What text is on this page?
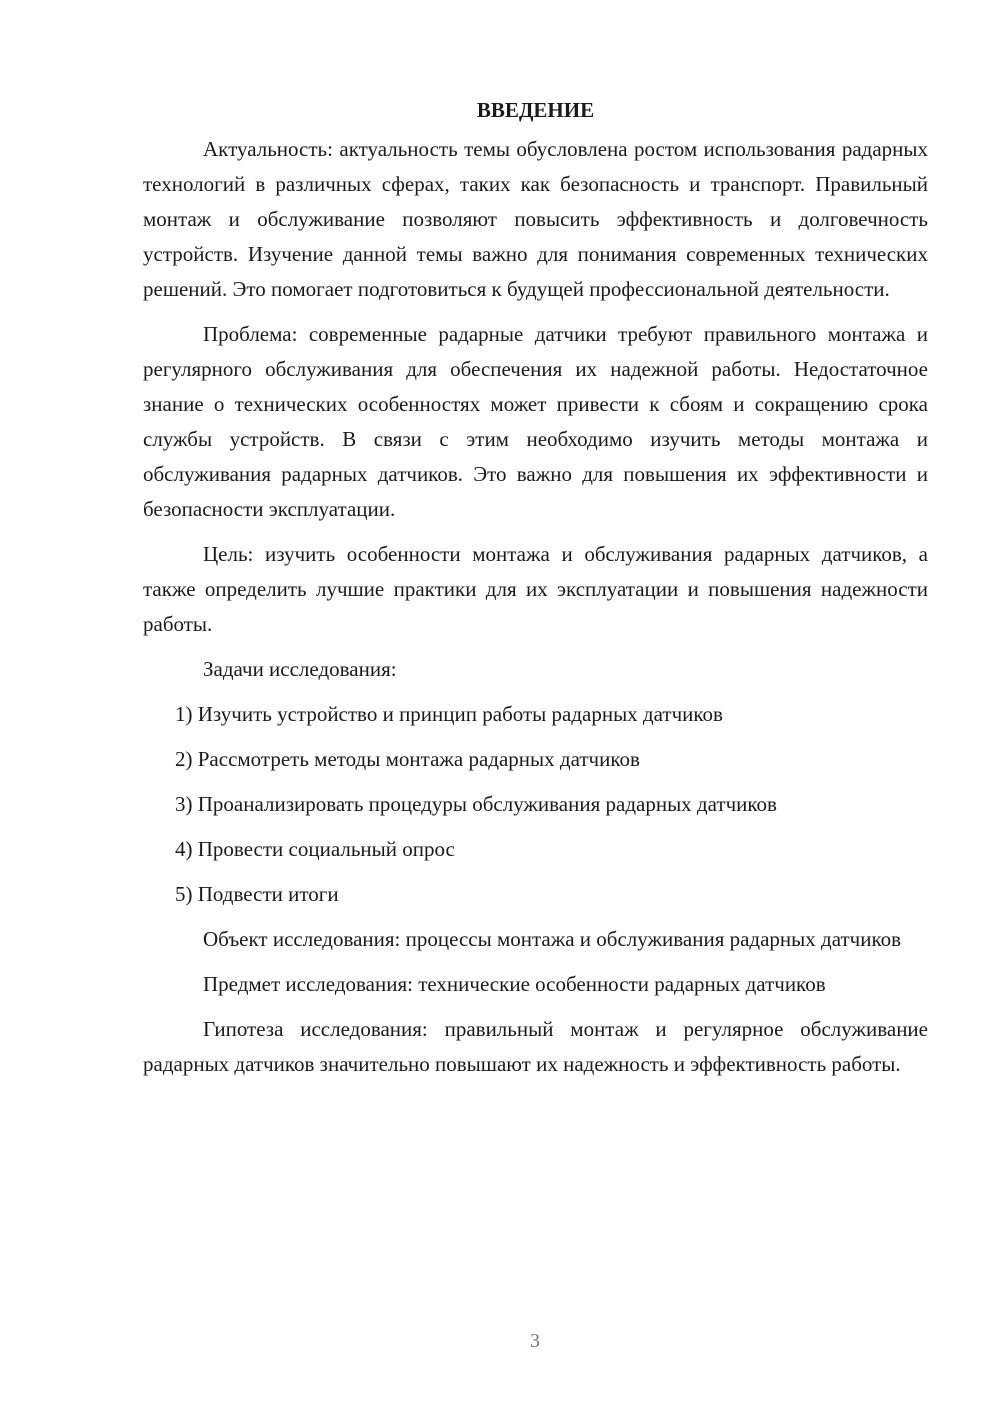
ВВЕДЕНИЕ

Актуальность: актуальность темы обусловлена ростом использования радарных технологий в различных сферах, таких как безопасность и транспорт. Правильный монтаж и обслуживание позволяют повысить эффективность и долговечность устройств. Изучение данной темы важно для понимания современных технических решений. Это помогает подготовиться к будущей профессиональной деятельности.

Проблема: современные радарные датчики требуют правильного монтажа и регулярного обслуживания для обеспечения их надежной работы. Недостаточное знание о технических особенностях может привести к сбоям и сокращению срока службы устройств. В связи с этим необходимо изучить методы монтажа и обслуживания радарных датчиков. Это важно для повышения их эффективности и безопасности эксплуатации.

Цель: изучить особенности монтажа и обслуживания радарных датчиков, а также определить лучшие практики для их эксплуатации и повышения надежности работы.

Задачи исследования:

1) Изучить устройство и принцип работы радарных датчиков
2) Рассмотреть методы монтажа радарных датчиков
3) Проанализировать процедуры обслуживания радарных датчиков
4) Провести социальный опрос
5) Подвести итоги

Объект исследования: процессы монтажа и обслуживания радарных датчиков

Предмет исследования: технические особенности радарных датчиков

Гипотеза исследования: правильный монтаж и регулярное обслуживание радарных датчиков значительно повышают их надежность и эффективность работы.

3
